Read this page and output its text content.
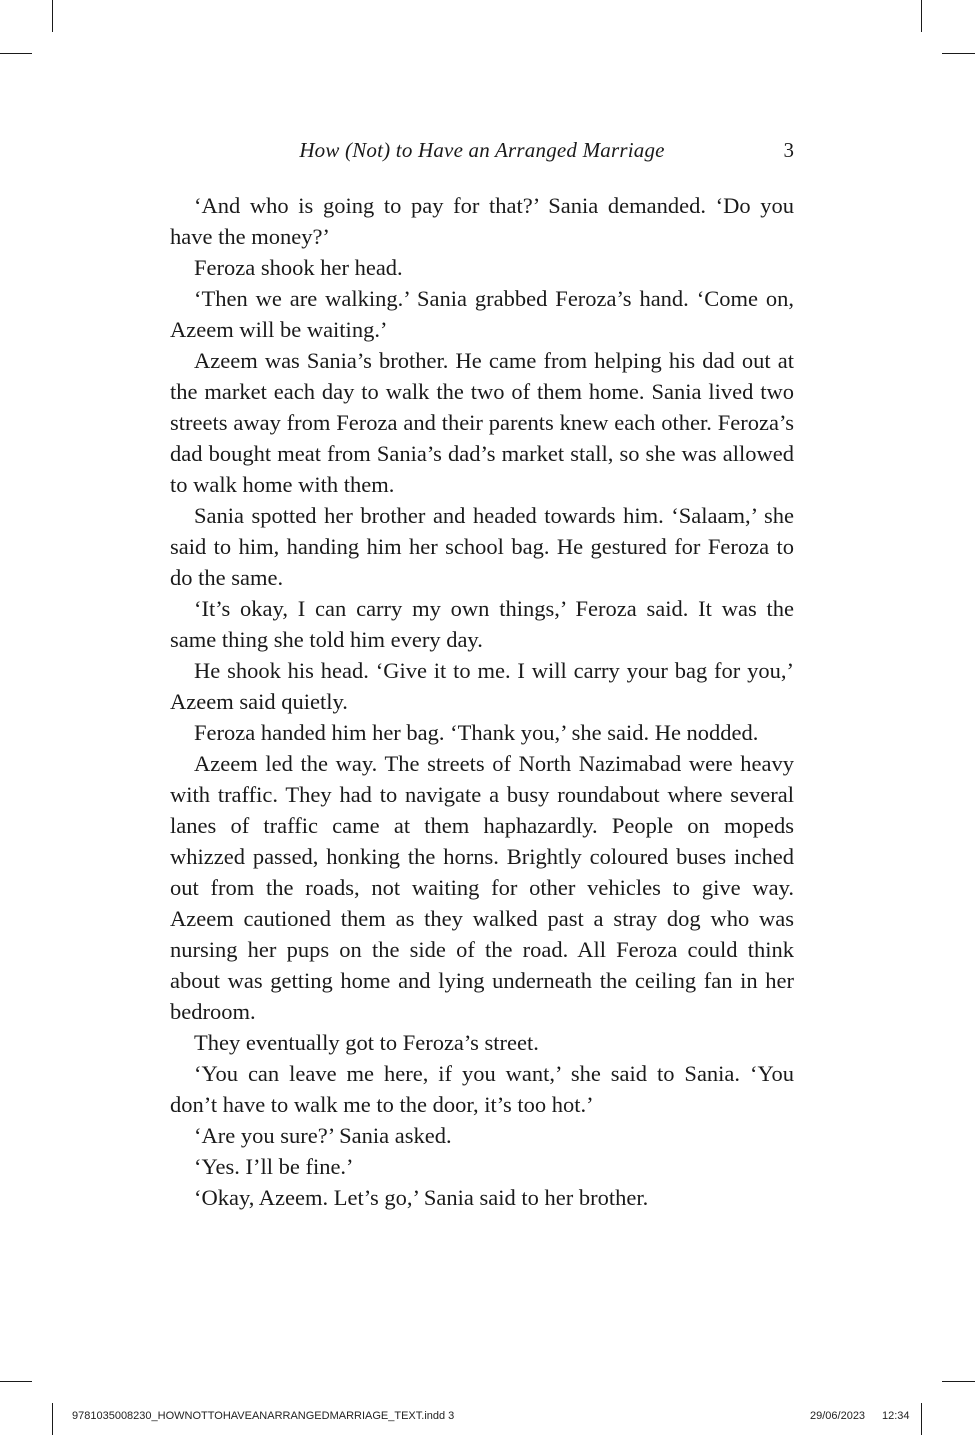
How (Not) to Have an Arranged Marriage	3

‘And who is going to pay for that?’ Sania demanded. ‘Do you have the money?’

Feroza shook her head.

‘Then we are walking.’ Sania grabbed Feroza’s hand. ‘Come on, Azeem will be waiting.’

Azeem was Sania’s brother. He came from helping his dad out at the market each day to walk the two of them home. Sania lived two streets away from Feroza and their parents knew each other. Feroza’s dad bought meat from Sania’s dad’s market stall, so she was allowed to walk home with them.

Sania spotted her brother and headed towards him. ‘Salaam,’ she said to him, handing him her school bag. He gestured for Feroza to do the same.

‘It’s okay, I can carry my own things,’ Feroza said. It was the same thing she told him every day.

He shook his head. ‘Give it to me. I will carry your bag for you,’ Azeem said quietly.

Feroza handed him her bag. ‘Thank you,’ she said. He nodded.

Azeem led the way. The streets of North Nazimabad were heavy with traffic. They had to navigate a busy roundabout where several lanes of traffic came at them haphazardly. People on mopeds whizzed passed, honking the horns. Brightly coloured buses inched out from the roads, not waiting for other vehicles to give way. Azeem cautioned them as they walked past a stray dog who was nursing her pups on the side of the road. All Feroza could think about was getting home and lying underneath the ceiling fan in her bedroom.

They eventually got to Feroza’s street.

‘You can leave me here, if you want,’ she said to Sania. ‘You don’t have to walk me to the door, it’s too hot.’

‘Are you sure?’ Sania asked.

‘Yes. I’ll be fine.’

‘Okay, Azeem. Let’s go,’ Sania said to her brother.

9781035008230_HOWNOTTOHAVEANARRANGEDMARRIAGE_TEXT.indd 3	29/06/2023 12:34
